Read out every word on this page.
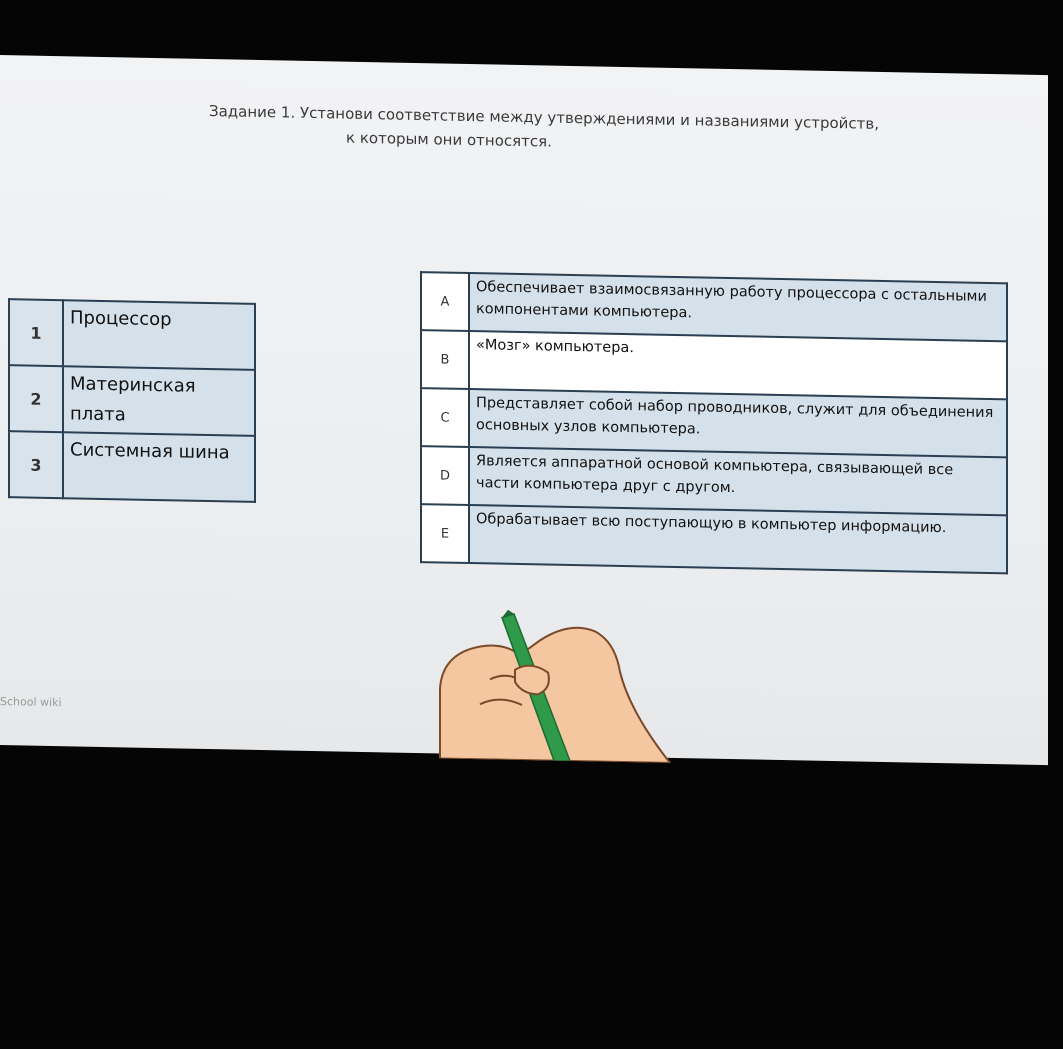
Задание 1. Установи соответствие между утверждениями и названиями устройств,
к которым они относятся.
1	Процессор
2	Материнская плата
3	Системная шина
A	Обеспечивает взаимосвязанную работу процессора с остальными компонентами компьютера.
B	«Мозг» компьютера.
C	Представляет собой набор проводников, служит для объединения основных узлов компьютера.
D	Является аппаратной основой компьютера, связывающей все части компьютера друг с другом.
E	Обрабатывает всю поступающую в компьютер информацию.
School wiki
